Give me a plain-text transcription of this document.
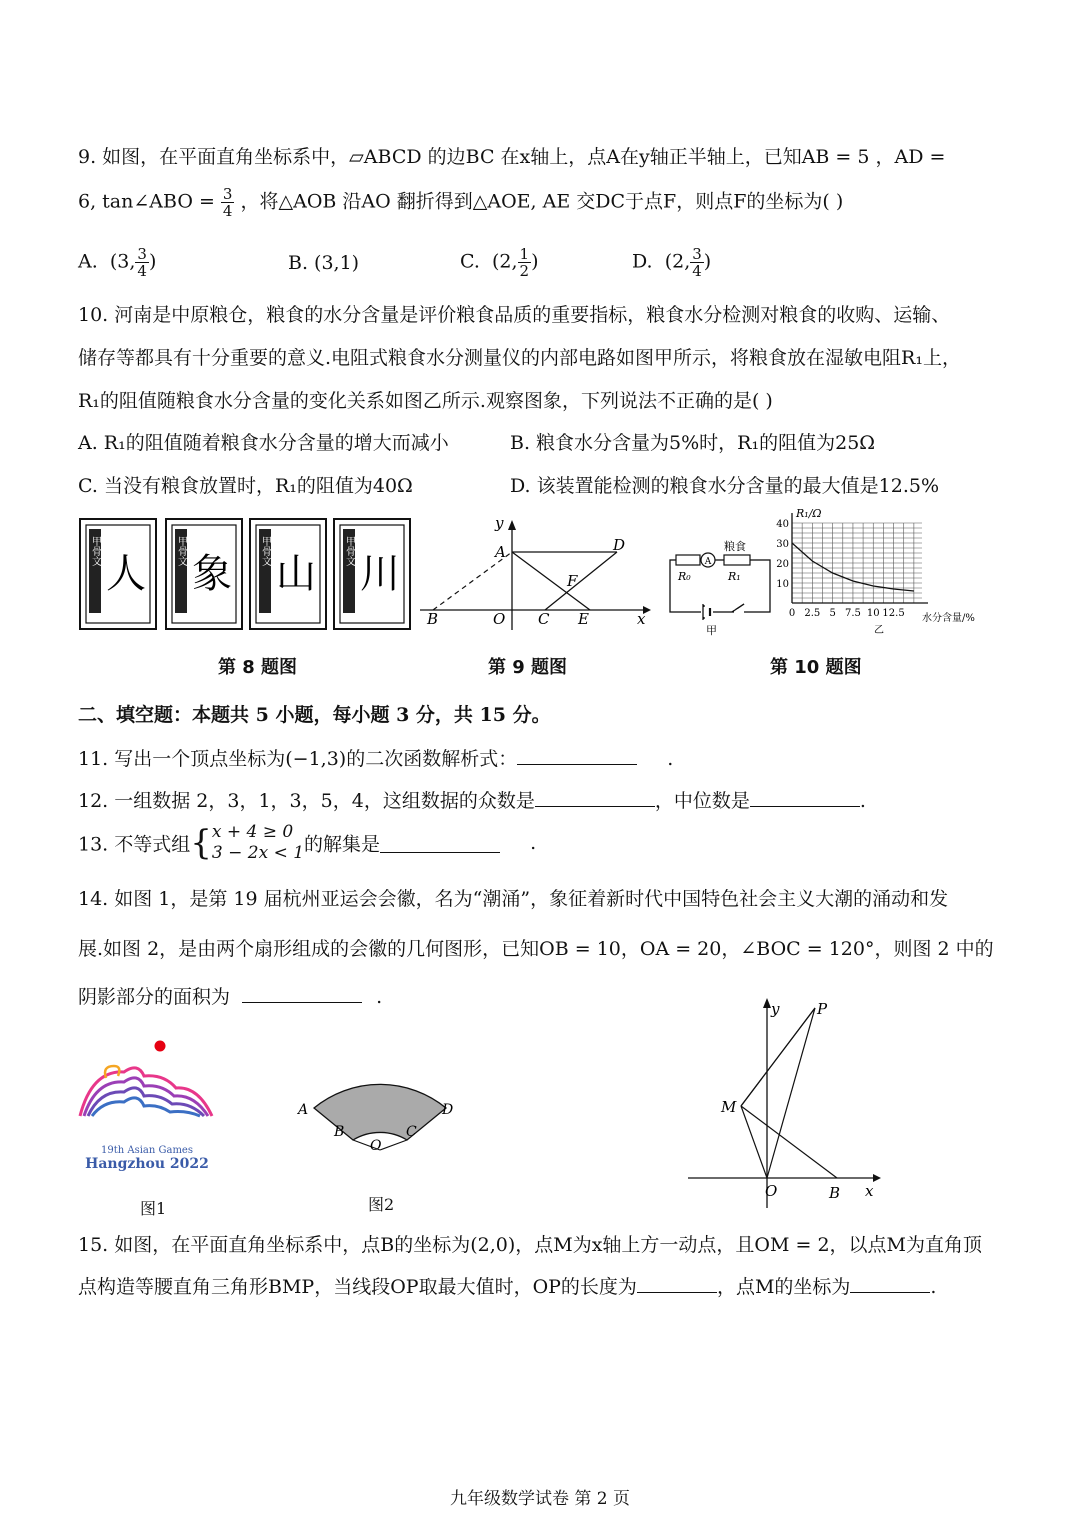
9. 如图，在平面直角坐标系中，▱ABCD 的边BC 在x轴上，点A在y轴正半轴上，已知AB = 5 ，AD =
6, tan∠ABO = $\frac{3}{4}$ ，将△AOB 沿AO 翻折得到△AOE, AE 交DC于点F，则点F的坐标为( )
A. (3, $\frac{3}{4}$ )	B. (3,1)	C. (2, $\frac{1}{2}$ )	D. (2, $\frac{3}{4}$ )
10. 河南是中原粮仓，粮食的水分含量是评价粮食品质的重要指标，粮食水分检测对粮食的收购、运输、
储存等都具有十分重要的意义.电阻式粮食水分测量仪的内部电路如图甲所示，将粮食放在湿敏电阻R₁上，
R₁的阻值随粮食水分含量的变化关系如图乙所示.观察图象，下列说法不正确的是( )
A. R₁的阻值随着粮食水分含量的增大而减小	B. 粮食水分含量为5%时，R₁的阻值为25Ω
C. 当没有粮食放置时，R₁的阻值为40Ω	D. 该装置能检测的粮食水分含量的最大值是12.5%
甲骨文 人	甲骨文 象	甲骨文 山	甲骨文 川
第 8 题图
y
x
A	D
F
B	O C E
第 9 题图
R₀
A
R₁
粮食
甲
0 2.5 5 7.5 10 12.5
10
20
30
40
R₁/Ω
水分含量/%
乙
第 10 题图
二、填空题：本题共 5 小题，每小题 3 分，共 15 分。
11. 写出一个顶点坐标为(−1,3)的二次函数解析式：	.
12. 一组数据 2，3，1，3，5，4，这组数据的众数是	，中位数是	.
13. 不等式组{ x + 4 ≥ 0
3 − 2x < 1 的解集是	.
14. 如图 1，是第 19 届杭州亚运会会徽，名为“潮涌”，象征着新时代中国特色社会主义大潮的涌动和发
展.如图 2，是由两个扇形组成的会徽的几何图形，已知OB = 10，OA = 20，∠BOC = 120°，则图 2 中的
阴影部分的面积为	.
19th Asian Games
Hangzhou 2022
图1
A
B
O
C
D
图2
y	P
M
O	B x
15. 如图，在平面直角坐标系中，点B的坐标为(2,0)，点M为x轴上方一动点，且OM = 2，以点M为直角顶
点构造等腰直角三角形BMP，当线段OP取最大值时，OP的长度为	，点M的坐标为	.
九年级数学试卷 第 2 页
